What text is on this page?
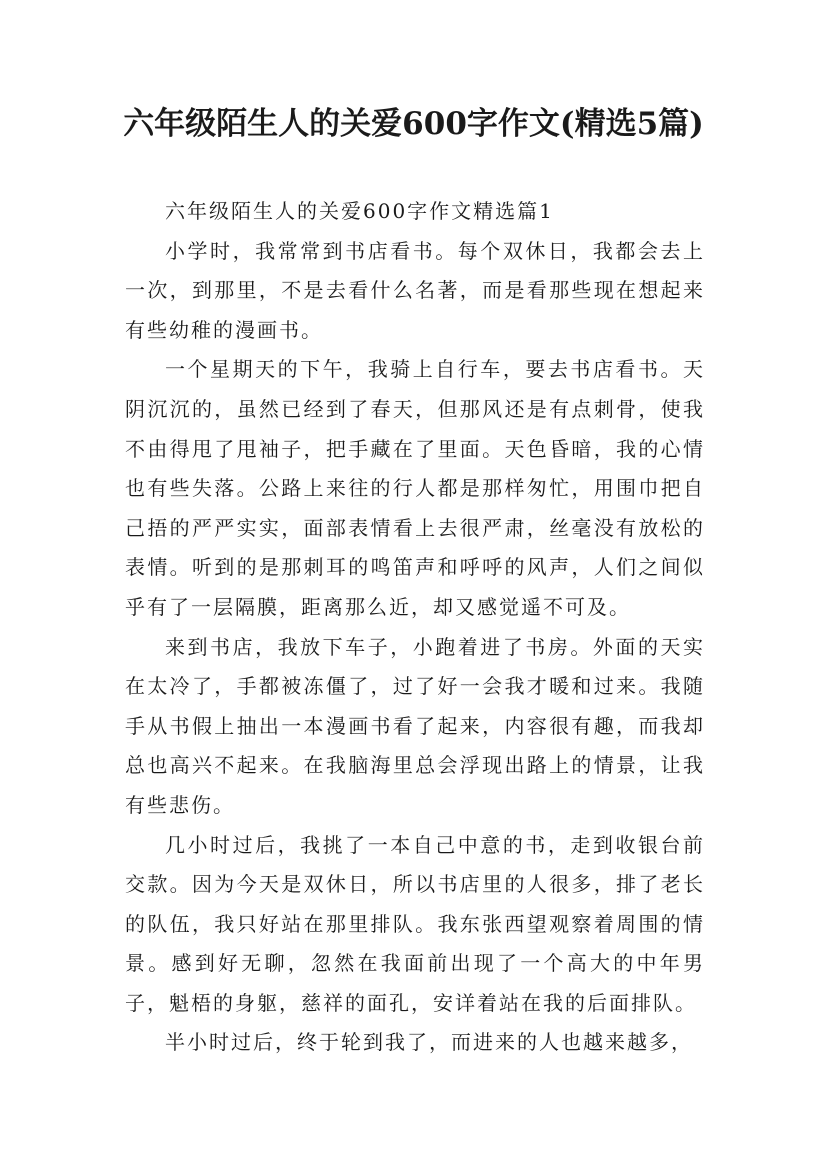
六年级陌生人的关爱600字作文(精选5篇)

六年级陌生人的关爱600字作文精选篇1

小学时，我常常到书店看书。每个双休日，我都会去上一次，到那里，不是去看什么名著，而是看那些现在想起来有些幼稚的漫画书。

一个星期天的下午，我骑上自行车，要去书店看书。天阴沉沉的，虽然已经到了春天，但那风还是有点刺骨，使我不由得甩了甩袖子，把手藏在了里面。天色昏暗，我的心情也有些失落。公路上来往的行人都是那样匆忙，用围巾把自己捂的严严实实，面部表情看上去很严肃，丝毫没有放松的表情。听到的是那刺耳的鸣笛声和呼呼的风声，人们之间似乎有了一层隔膜，距离那么近，却又感觉遥不可及。

来到书店，我放下车子，小跑着进了书房。外面的天实在太冷了，手都被冻僵了，过了好一会我才暖和过来。我随手从书假上抽出一本漫画书看了起来，内容很有趣，而我却总也高兴不起来。在我脑海里总会浮现出路上的情景，让我有些悲伤。

几小时过后，我挑了一本自己中意的书，走到收银台前交款。因为今天是双休日，所以书店里的人很多，排了老长的队伍，我只好站在那里排队。我东张西望观察着周围的情景。感到好无聊，忽然在我面前出现了一个高大的中年男子，魁梧的身躯，慈祥的面孔，安详着站在我的后面排队。

半小时过后，终于轮到我了，而进来的人也越来越多，
